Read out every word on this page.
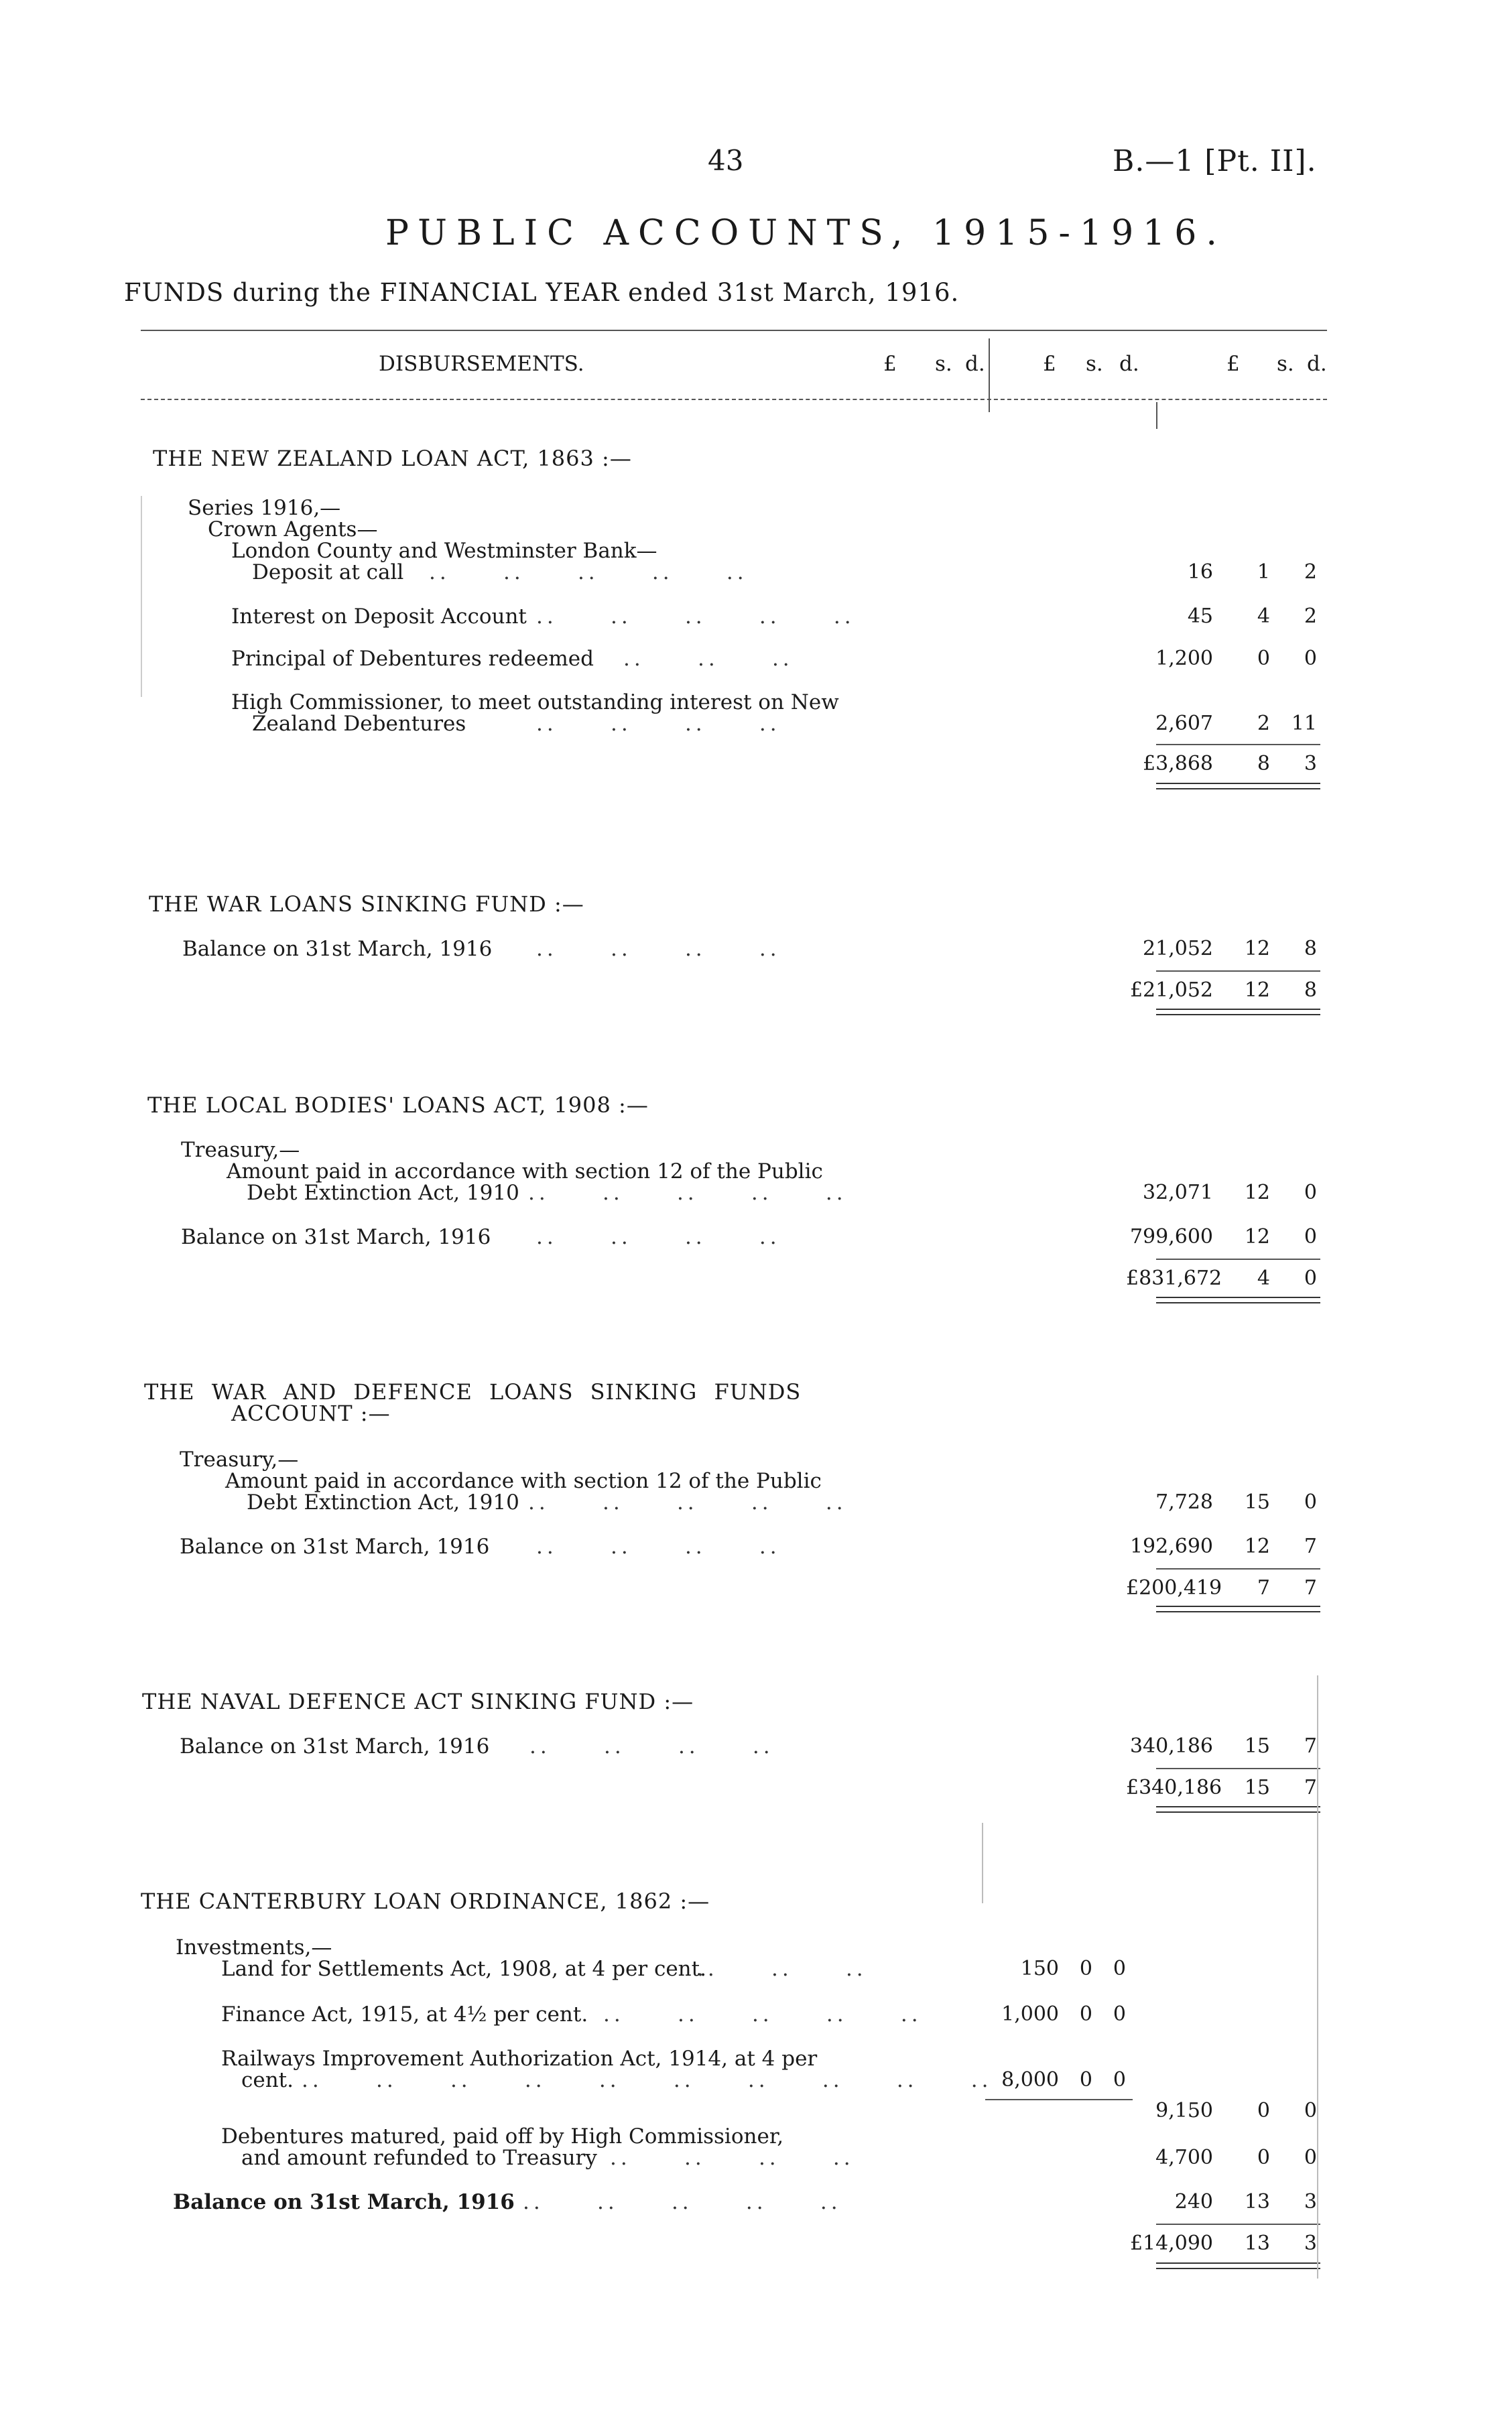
43	B.—1 [Pt. II].
PUBLIC ACCOUNTS, 1915-1916.
FUNDS during the FINANCIAL YEAR ended 31st March, 1916.
DISBURSEMENTS.	£ s. d.	£ s. d.	£ s. d.
THE NEW ZEALAND LOAN ACT, 1863 :—
Series 1916,—
Crown Agents—
London County and Westminster Bank—
Deposit at call ..     ..     ..     ..     ..	16	1	2
Interest on Deposit Account ..     ..     ..     ..     ..	45	4	2
Principal of Debentures redeemed ..     ..     ..	1,200	0	0
High Commissioner, to meet outstanding interest on New
Zealand Debentures	..     ..     ..     ..	2,607	2 11
£3,868	8	3
THE WAR LOANS SINKING FUND :—
Balance on 31st March, 1916 ..     ..     ..     ..	21,052 12	8
£21,052 12	8
THE LOCAL BODIES' LOANS ACT, 1908 :—
Treasury,—
Amount paid in accordance with section 12 of the Public
Debt Extinction Act, 1910 ..     ..     ..     ..     ..	32,071 12	0
Balance on 31st March, 1916 ..     ..     ..     ..	799,600 12	0
£831,672	4	0
THE WAR AND DEFENCE LOANS SINKING FUNDS
ACCOUNT :—
Treasury,—
Amount paid in accordance with section 12 of the Public
Debt Extinction Act, 1910 ..     ..     ..     ..     ..	7,728 15	0
Balance on 31st March, 1916 ..     ..     ..     ..	192,690 12	7
£200,419	7	7
THE NAVAL DEFENCE ACT SINKING FUND :—
Balance on 31st March, 1916 ..     ..     ..     ..	340,186 15	7
£340,186 15	7
THE CANTERBURY LOAN ORDINANCE, 1862 :—
Investments,—
Land for Settlements Act, 1908, at 4 per cent.
..     ..     ..	150	0	0
Finance Act, 1915, at 4½ per cent. ..     ..     ..     ..     ..	1,000	0	0
Railways Improvement Authorization Act, 1914, at 4 per
cent. ..     ..     ..     ..     ..     ..     ..     ..     ..     .. 8,000	0	0
9,150	0	0
Debentures matured, paid off by High Commissioner,
and amount refunded to Treasury ..     ..     ..     ..	4,700	0	0
Balance on 31st March, 1916 ..     ..     ..     ..     ..	240 13	3
£14,090 13	3
